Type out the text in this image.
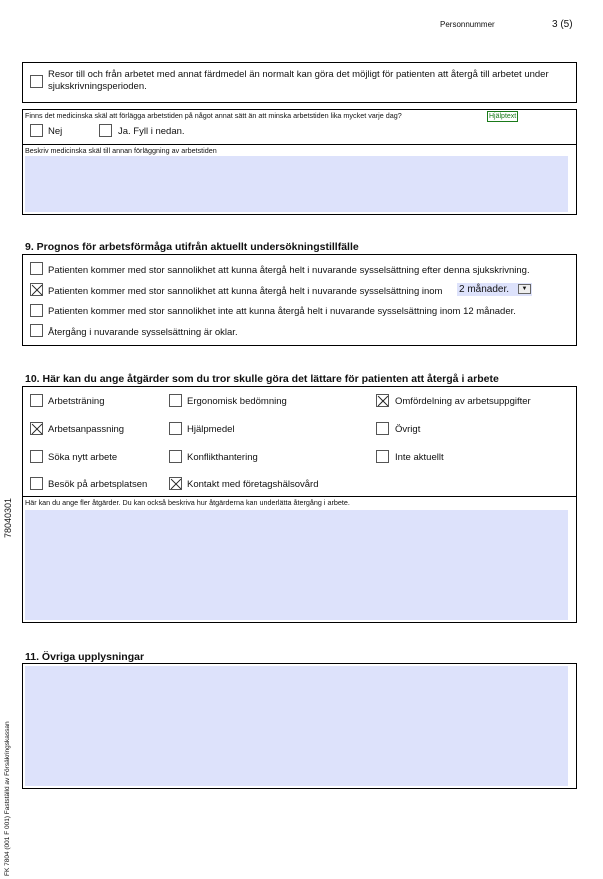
Personnummer	3 (5)
Resor till och från arbetet med annat färdmedel än normalt kan göra det möjligt för patienten att återgå till arbetet under sjukskrivningsperioden.
Finns det medicinska skäl att förlägga arbetstiden på något annat sätt än att minska arbetstiden lika mycket varje dag?	Hjälptext
Nej	Ja. Fyll i nedan.
Beskriv medicinska skäl till annan förläggning av arbetstiden
9. Prognos för arbetsförmåga utifrån aktuellt undersökningstillfälle
Patienten kommer med stor sannolikhet att kunna återgå helt i nuvarande sysselsättning efter denna sjukskrivning.
Patienten kommer med stor sannolikhet att kunna återgå helt i nuvarande sysselsättning inom 2 månader.	▼
Patienten kommer med stor sannolikhet inte att kunna återgå helt i nuvarande sysselsättning inom 12 månader.
Återgång i nuvarande sysselsättning är oklar.
10. Här kan du ange åtgärder som du tror skulle göra det lättare för patienten att återgå i arbete
Arbetsträning	Ergonomisk bedömning	Omfördelning av arbetsuppgifter
Arbetsanpassning	Hjälpmedel	Övrigt
Söka nytt arbete	Konflikthantering	Inte aktuellt
Besök på arbetsplatsen	Kontakt med företagshälsovård
Här kan du ange fler åtgärder. Du kan också beskriva hur åtgärderna kan underlätta återgång i arbete.
11. Övriga upplysningar
78040301
FK 7804 (001 F 001) Fastställd av Försäkringskassan
